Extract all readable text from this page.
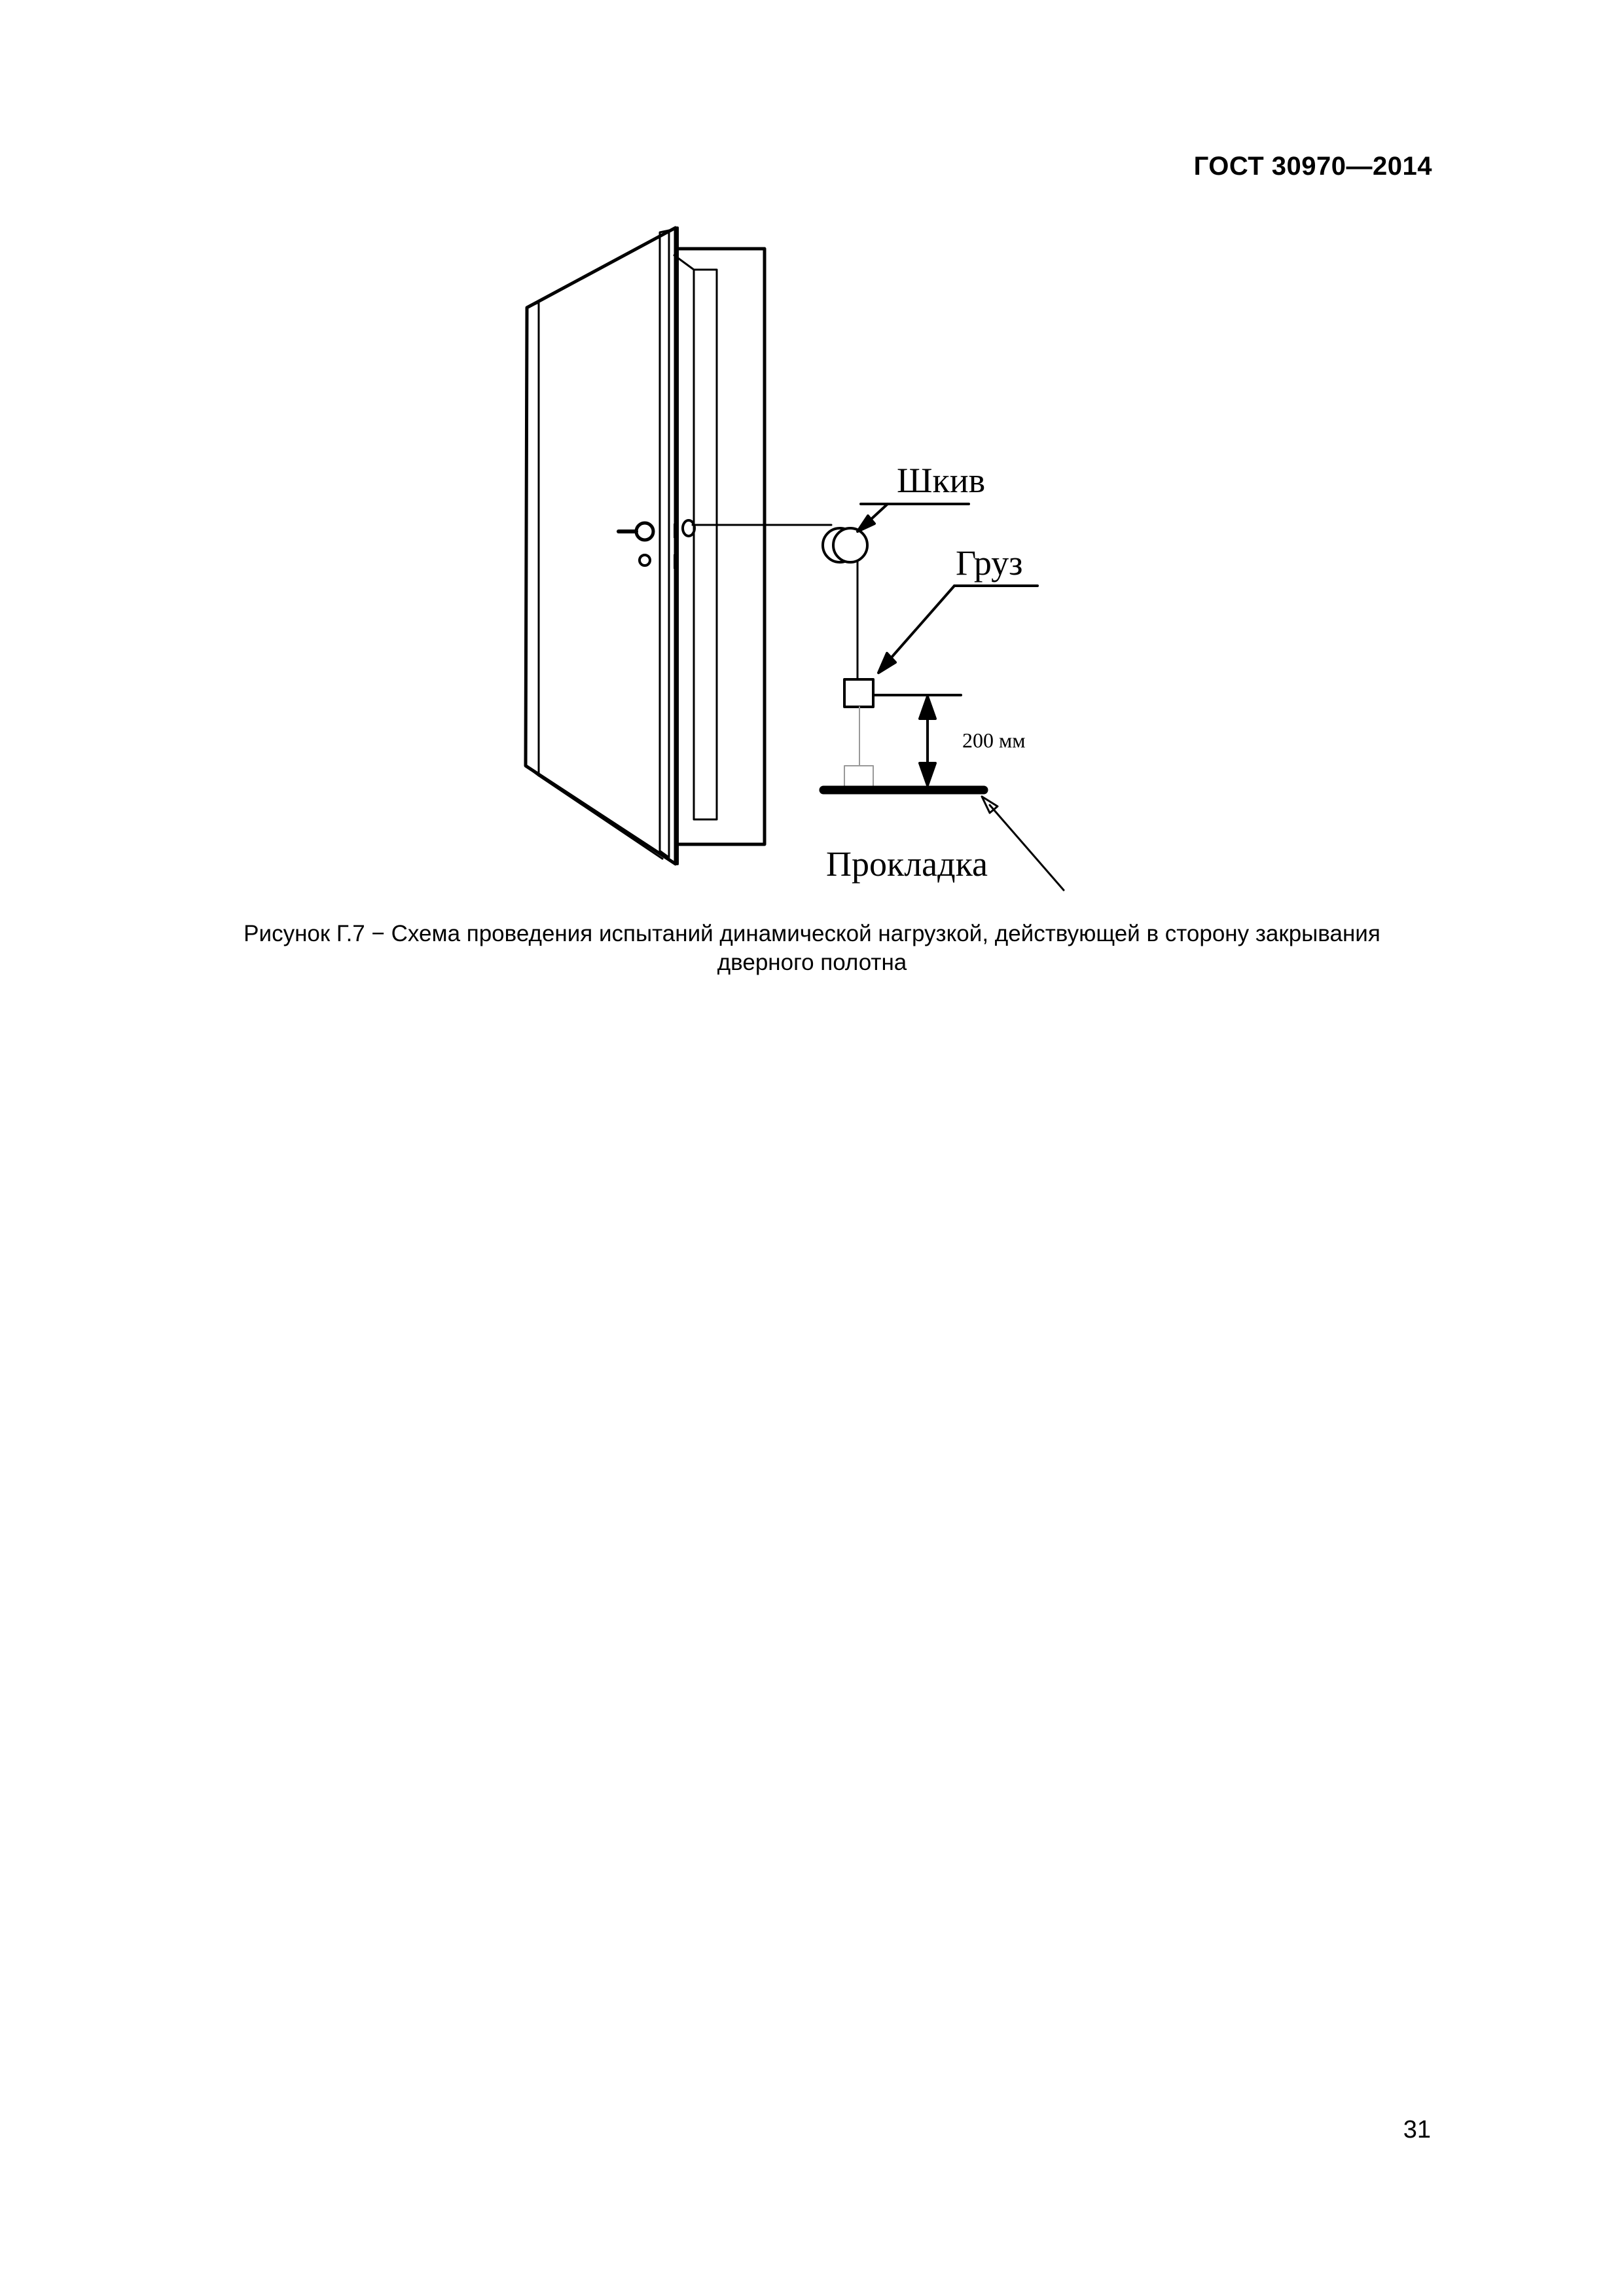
ГОСТ 30970—2014
Шкив
Груз
200 мм
Прокладка
Рисунок Г.7 − Схема проведения испытаний динамической нагрузкой, действующей в сторону закрывания
дверного полотна
31
